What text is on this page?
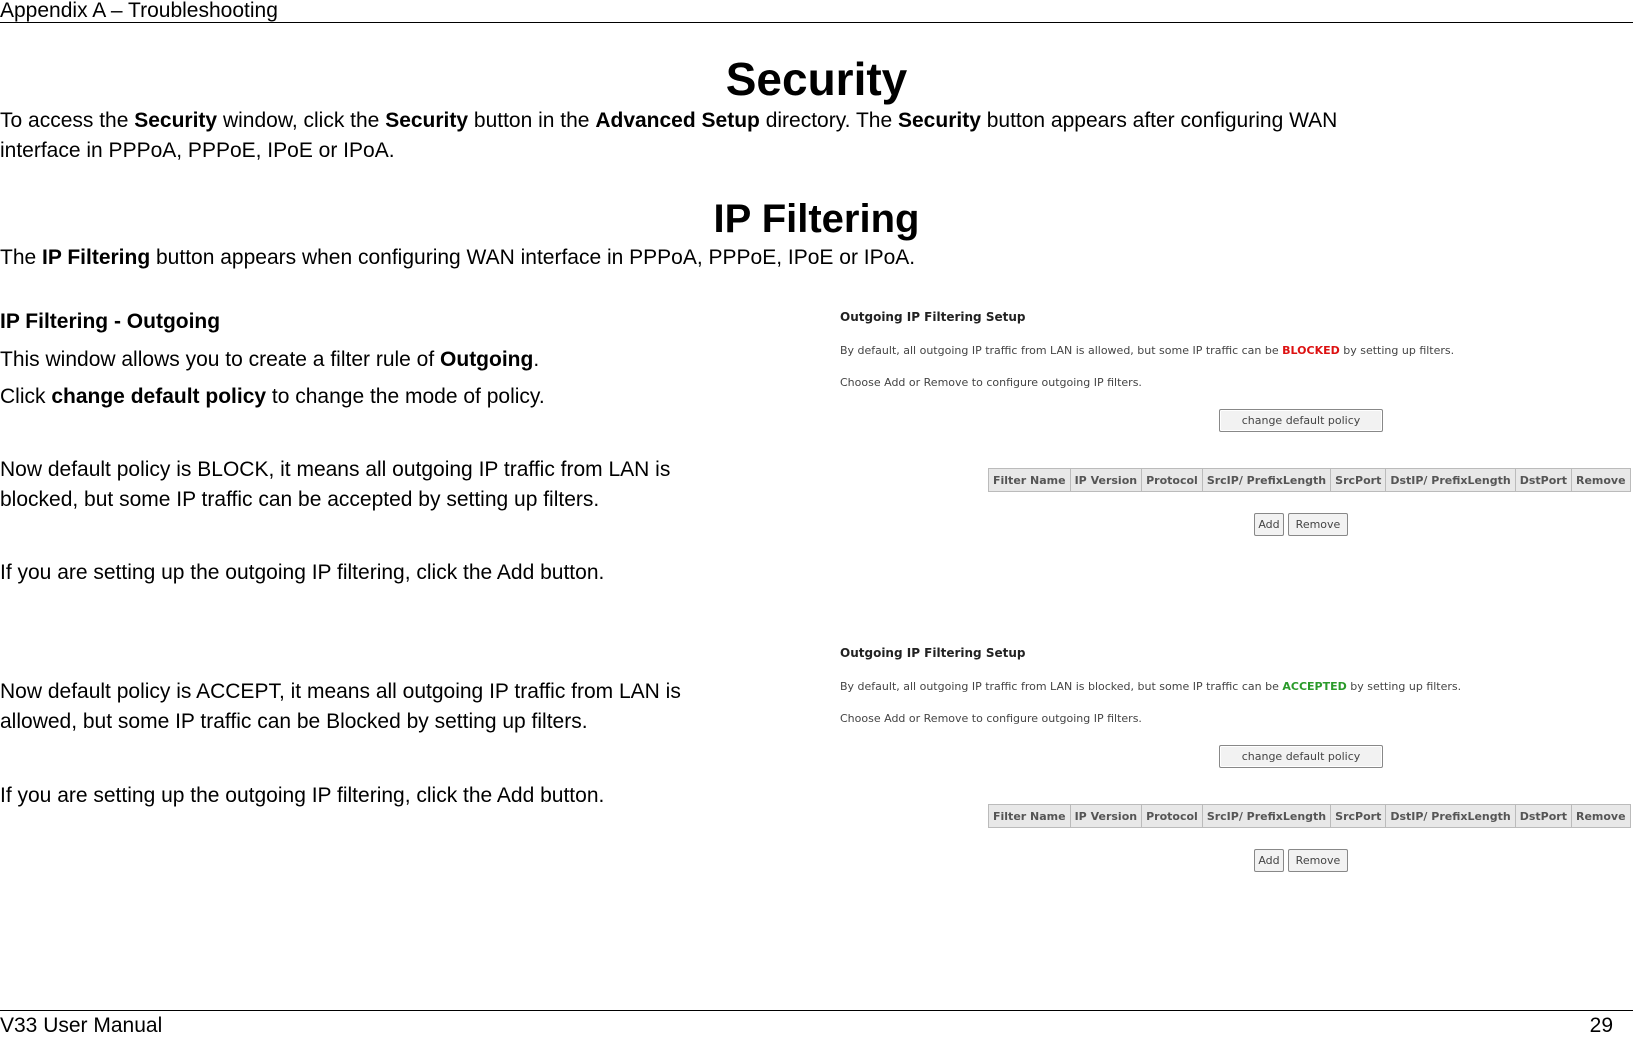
Appendix A – Troubleshooting
Security
To access the Security window, click the Security button in the Advanced Setup directory. The Security button appears after configuring WAN
interface in PPPoA, PPPoE, IPoE or IPoA.
IP Filtering
The IP Filtering button appears when configuring WAN interface in PPPoA, PPPoE, IPoE or IPoA.
IP Filtering - Outgoing
This window allows you to create a filter rule of Outgoing.
Click change default policy to change the mode of policy.
Now default policy is BLOCK, it means all outgoing IP traffic from LAN is
blocked, but some IP traffic can be accepted by setting up filters.
If you are setting up the outgoing IP filtering, click the Add button.
Now default policy is ACCEPT, it means all outgoing IP traffic from LAN is
allowed, but some IP traffic can be Blocked by setting up filters.
If you are setting up the outgoing IP filtering, click the Add button.
Outgoing IP Filtering Setup
By default, all outgoing IP traffic from LAN is allowed, but some IP traffic can be BLOCKED by setting up filters.
Choose Add or Remove to configure outgoing IP filters.
change default policy
Filter Name	IP Version	Protocol	SrcIP/ PrefixLength	SrcPort	DstIP/ PrefixLength	DstPort	Remove
Add	Remove
Outgoing IP Filtering Setup
By default, all outgoing IP traffic from LAN is blocked, but some IP traffic can be ACCEPTED by setting up filters.
Choose Add or Remove to configure outgoing IP filters.
change default policy
Filter Name	IP Version	Protocol	SrcIP/ PrefixLength	SrcPort	DstIP/ PrefixLength	DstPort	Remove
Add	Remove
V33 User Manual	29
